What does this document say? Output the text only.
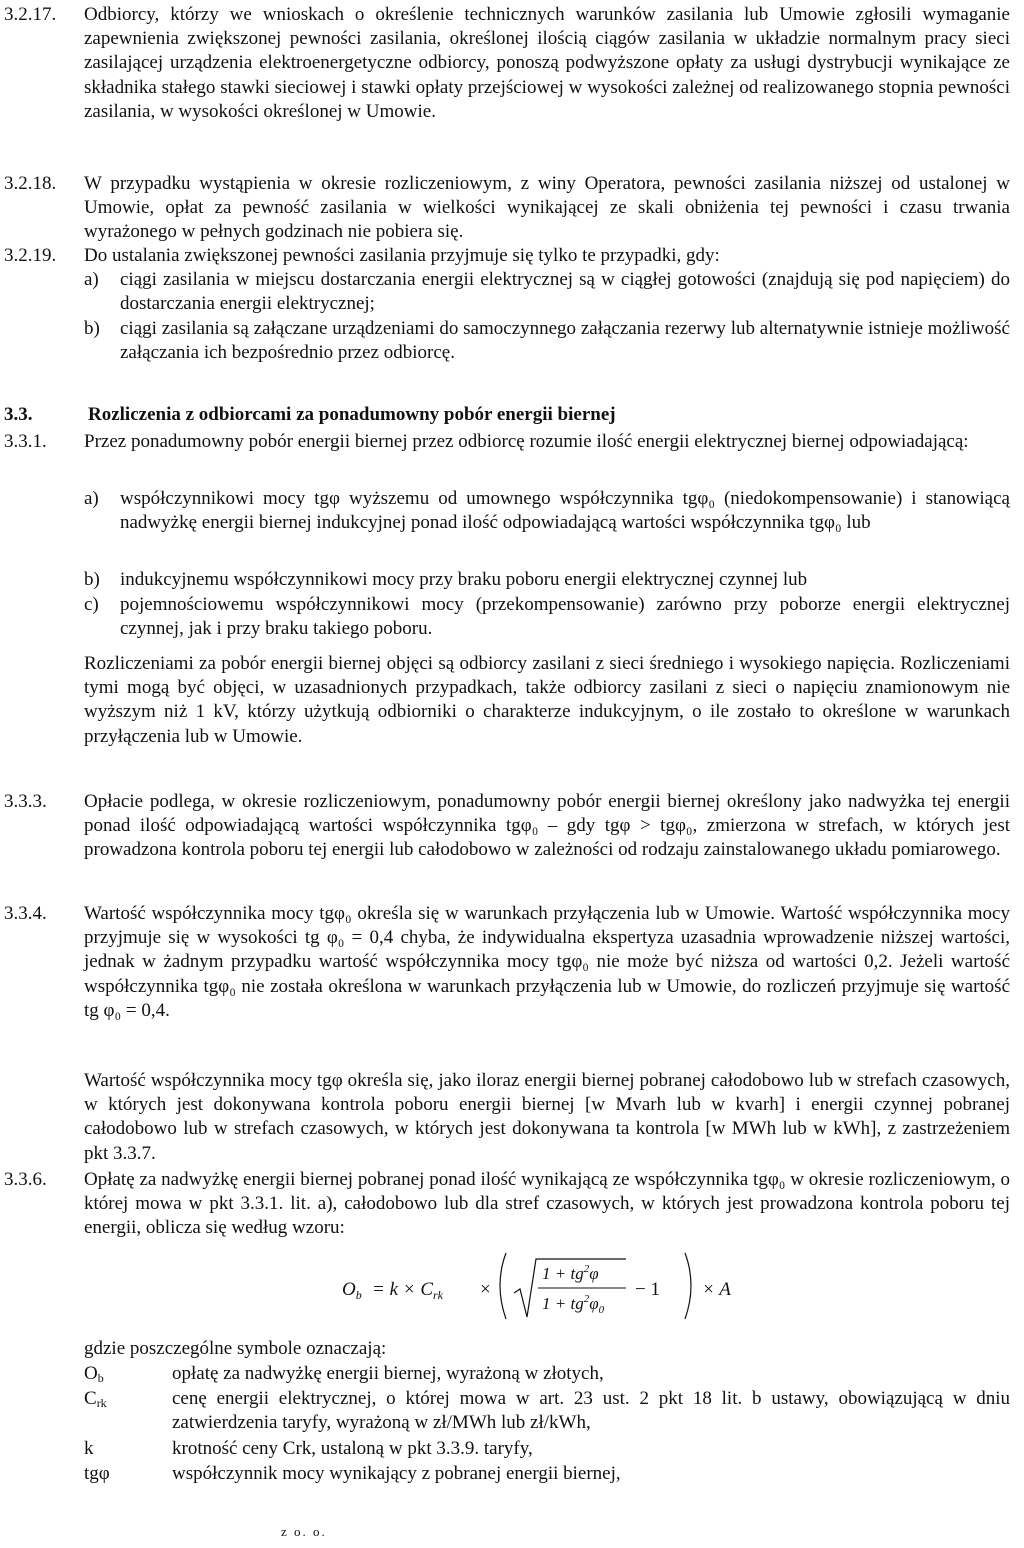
3.2.17. Odbiorcy, którzy we wnioskach o określenie technicznych warunków zasilania lub Umowie zgłosili wymaganie zapewnienia zwiększonej pewności zasilania, określonej ilością ciągów zasilania w układzie normalnym pracy sieci zasilającej urządzenia elektroenergetyczne odbiorcy, ponoszą podwyższone opłaty za usługi dystrybucji wynikające ze składnika stałego stawki sieciowej i stawki opłaty przejściowej w wysokości zależnej od realizowanego stopnia pewności zasilania, w wysokości określonej w Umowie.
3.2.18. W przypadku wystąpienia w okresie rozliczeniowym, z winy Operatora, pewności zasilania niższej od ustalonej w Umowie, opłat za pewność zasilania w wielkości wynikającej ze skali obniżenia tej pewności i czasu trwania wyrażonego w pełnych godzinach nie pobiera się.
3.2.19. Do ustalania zwiększonej pewności zasilania przyjmuje się tylko te przypadki, gdy:
a)	ciągi zasilania w miejscu dostarczania energii elektrycznej są w ciągłej gotowości (znajdują się pod napięciem) do dostarczania energii elektrycznej;
b)	ciągi zasilania są załączane urządzeniami do samoczynnego załączania rezerwy lub alternatywnie istnieje możliwość załączania ich bezpośrednio przez odbiorcę.
3.3.	Rozliczenia z odbiorcami za ponadumowny pobór energii biernej
3.3.1. Przez ponadumowny pobór energii biernej przez odbiorcę rozumie ilość energii elektrycznej biernej odpowiadającą:
a)	współczynnikowi mocy tgφ wyższemu od umownego współczynnika tgφ₀ (niedokompensowanie) i stanowiącą nadwyżkę energii biernej indukcyjnej ponad ilość odpowiadającą wartości współczynnika tgφ₀ lub
b)	indukcyjnemu współczynnikowi mocy przy braku poboru energii elektrycznej czynnej lub
c)	pojemnościowemu współczynnikowi mocy (przekompensowanie) zarówno przy poborze energii elektrycznej czynnej, jak i przy braku takiego poboru.
Rozliczeniami za pobór energii biernej objęci są odbiorcy zasilani z sieci średniego i wysokiego napięcia. Rozliczeniami tymi mogą być objęci, w uzasadnionych przypadkach, także odbiorcy zasilani z sieci o napięciu znamionowym nie wyższym niż 1 kV, którzy użytkują odbiorniki o charakterze indukcyjnym, o ile zostało to określone w warunkach przyłączenia lub w Umowie.
3.3.3. Opłacie podlega, w okresie rozliczeniowym, ponadumowny pobór energii biernej określony jako nadwyżka tej energii ponad ilość odpowiadającą wartości współczynnika tgφ₀ – gdy tgφ > tgφ₀, zmierzona w strefach, w których jest prowadzona kontrola poboru tej energii lub całodobowo w zależności od rodzaju zainstalowanego układu pomiarowego.
3.3.4. Wartość współczynnika mocy tgφ₀ określa się w warunkach przyłączenia lub w Umowie. Wartość współczynnika mocy przyjmuje się w wysokości tg φ₀ = 0,4 chyba, że indywidualna ekspertyza uzasadnia wprowadzenie niższej wartości, jednak w żadnym przypadku wartość współczynnika mocy tgφ₀ nie może być niższa od wartości 0,2. Jeżeli wartość współczynnika tgφ₀ nie została określona w warunkach przyłączenia lub w Umowie, do rozliczeń przyjmuje się wartość tg φ₀ = 0,4.
Wartość współczynnika mocy tgφ określa się, jako iloraz energii biernej pobranej całodobowo lub w strefach czasowych, w których jest dokonywana kontrola poboru energii biernej [w Mvarh lub w kvarh] i energii czynnej pobranej całodobowo lub w strefach czasowych, w których jest dokonywana ta kontrola [w MWh lub w kWh], z zastrzeżeniem pkt 3.3.7.
3.3.6. Opłatę za nadwyżkę energii biernej pobranej ponad ilość wynikającą ze współczynnika tgφ₀ w okresie rozliczeniowym, o której mowa w pkt 3.3.1. lit. a), całodobowo lub dla stref czasowych, w których jest prowadzona kontrola poboru tej energii, oblicza się według wzoru:
$O_b = k \times C_{rk}$ ×
$1 + tg^2\varphi$
$1 + tg^2\varphi_0$
− 1 × A
gdzie poszczególne symbole oznaczają:
$O_b$	opłatę za nadwyżkę energii biernej, wyrażoną w złotych,
$C_{rk}$	cenę energii elektrycznej, o której mowa w art. 23 ust. 2 pkt 18 lit. b ustawy, obowiązującą w dniu zatwierdzenia taryfy, wyrażoną w zł/MWh lub zł/kWh,
k	krotność ceny Crk, ustaloną w pkt 3.3.9. taryfy,
tgφ	współczynnik mocy wynikający z pobranej energii biernej,
z o. o.
